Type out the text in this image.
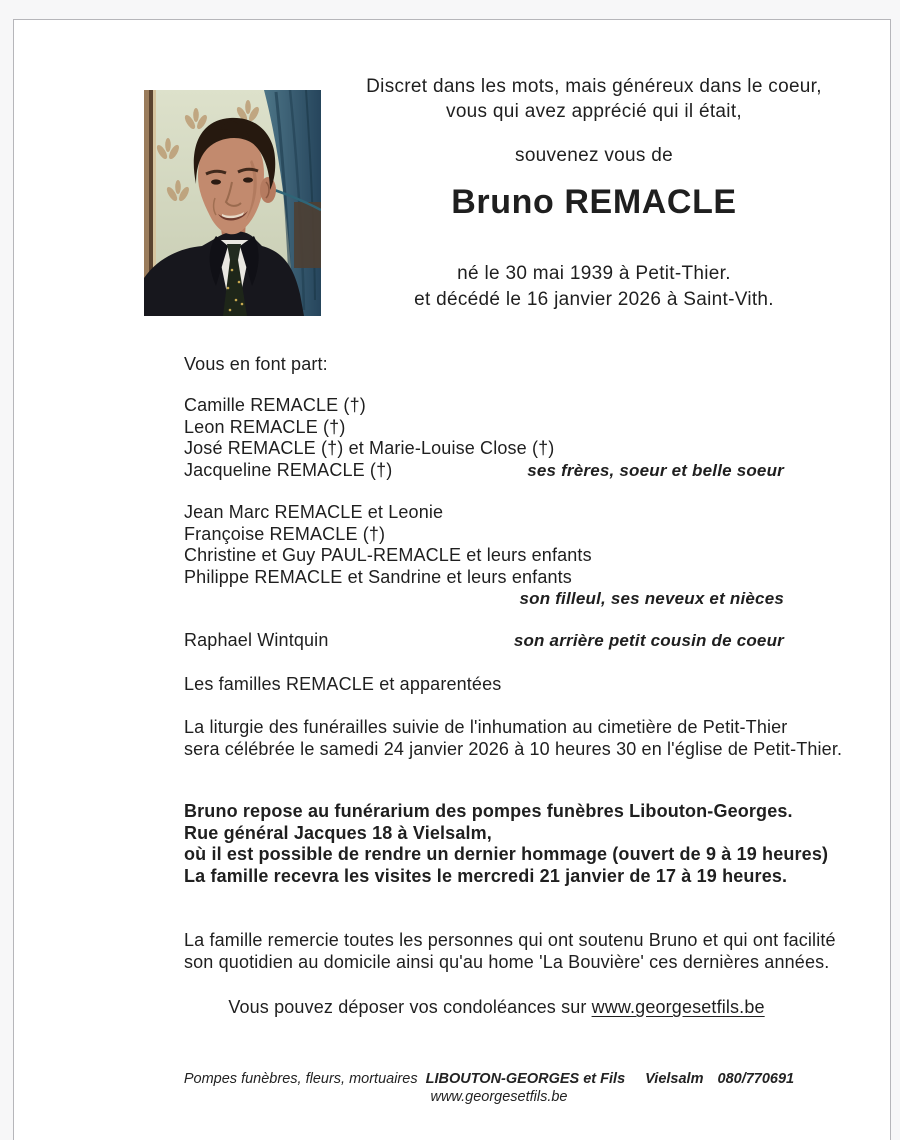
Discret dans les mots, mais généreux dans le coeur,
vous qui avez apprécié qui il était,

souvenez vous de

Bruno REMACLE

né le 30 mai 1939 à Petit-Thier.
et décédé le 16 janvier 2026 à Saint-Vith.

Vous en font part:
Camille REMACLE (†)
Leon REMACLE (†)
José REMACLE (†) et Marie-Louise Close (†)
Jacqueline REMACLE (†)	ses frères, soeur et belle soeur
Jean Marc REMACLE et Leonie
Françoise REMACLE (†)
Christine et Guy PAUL-REMACLE et leurs enfants
Philippe REMACLE et Sandrine et leurs enfants
son filleul, ses neveux et nièces
Raphael Wintquin	son arrière petit cousin de coeur
Les familles REMACLE et apparentées
La liturgie des funérailles suivie de l'inhumation au cimetière de Petit-Thier
sera célébrée le samedi 24 janvier 2026 à 10 heures 30 en l'église de Petit-Thier.
Bruno repose au funérarium des pompes funèbres Libouton-Georges.
Rue général Jacques 18 à Vielsalm,
où il est possible de rendre un dernier hommage (ouvert de 9 à 19 heures)
La famille recevra les visites le mercredi 21 janvier de 17 à 19 heures.
La famille remercie toutes les personnes qui ont soutenu Bruno et qui ont facilité
son quotidien au domicile ainsi qu'au home 'La Bouvière' ces dernières années.
Vous pouvez déposer vos condoléances sur www.georgesetfils.be
Pompes funèbres, fleurs, mortuaires LIBOUTON-GEORGES et Fils Vielsalm 080/770691 www.georgesetfils.be
